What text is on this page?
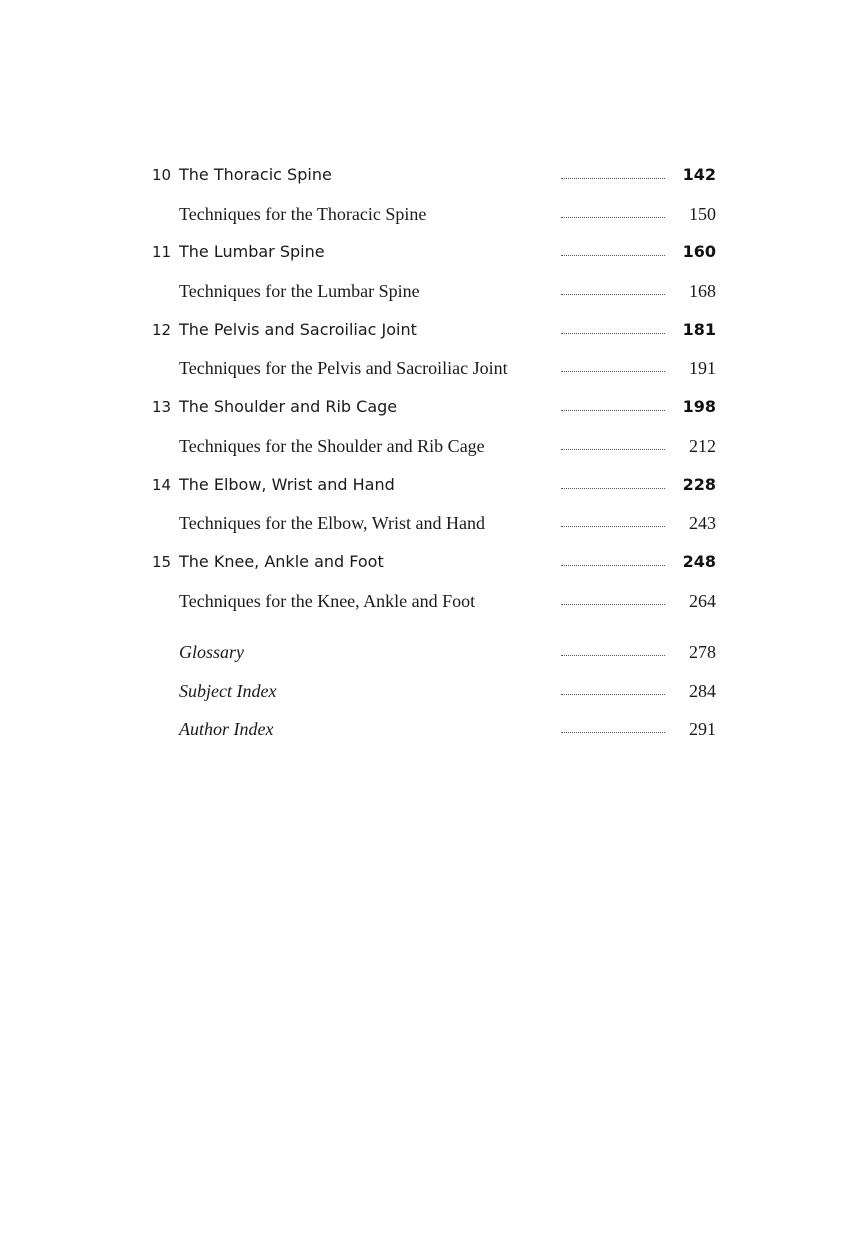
10 The Thoracic Spine	142
Techniques for the Thoracic Spine	150
11 The Lumbar Spine	160
Techniques for the Lumbar Spine	168
12 The Pelvis and Sacroiliac Joint	181
Techniques for the Pelvis and Sacroiliac Joint	191
13 The Shoulder and Rib Cage	198
Techniques for the Shoulder and Rib Cage	212
14 The Elbow, Wrist and Hand	228
Techniques for the Elbow, Wrist and Hand	243
15 The Knee, Ankle and Foot	248
Techniques for the Knee, Ankle and Foot	264
Glossary	278
Subject Index	284
Author Index	291
